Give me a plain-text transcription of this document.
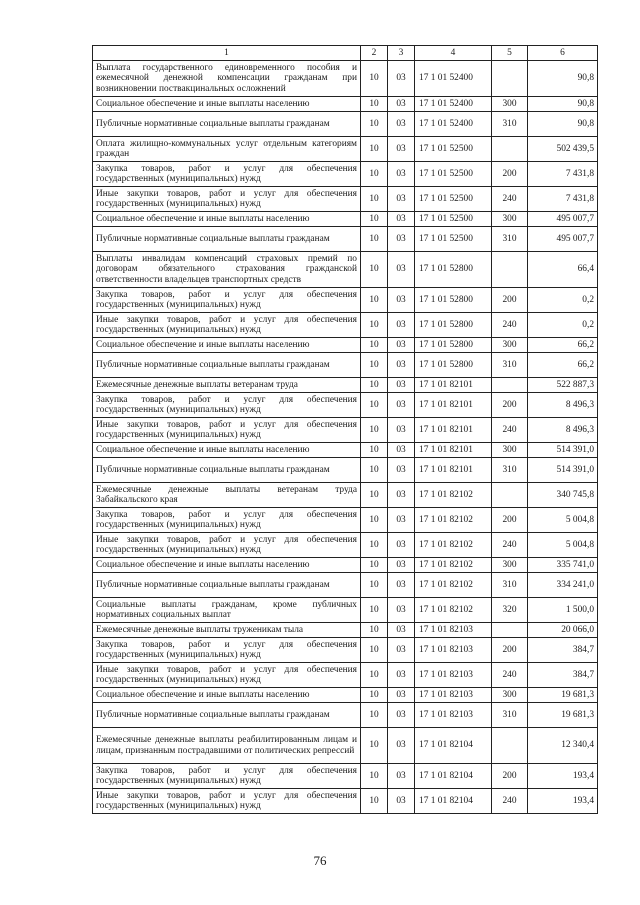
1	2	3	4	5	6
Выплата государственного единовременного пособия и ежемесячной денежной компенсации гражданам при возникновении поствакцинальных осложнений	10	03	17 1 01 52400		90,8
Социальное обеспечение и иные выплаты населению	10	03	17 1 01 52400	300	90,8
Публичные нормативные социальные выплаты гражданам	10	03	17 1 01 52400	310	90,8
Оплата жилищно-коммунальных услуг отдельным категориям граждан	10	03	17 1 01 52500		502 439,5
Закупка товаров, работ и услуг для обеспечения государственных (муниципальных) нужд	10	03	17 1 01 52500	200	7 431,8
Иные закупки товаров, работ и услуг для обеспечения государственных (муниципальных) нужд	10	03	17 1 01 52500	240	7 431,8
Социальное обеспечение и иные выплаты населению	10	03	17 1 01 52500	300	495 007,7
Публичные нормативные социальные выплаты гражданам	10	03	17 1 01 52500	310	495 007,7
Выплаты инвалидам компенсаций страховых премий по договорам обязательного страхования гражданской ответственности владельцев транспортных средств	10	03	17 1 01 52800		66,4
Закупка товаров, работ и услуг для обеспечения государственных (муниципальных) нужд	10	03	17 1 01 52800	200	0,2
Иные закупки товаров, работ и услуг для обеспечения государственных (муниципальных) нужд	10	03	17 1 01 52800	240	0,2
Социальное обеспечение и иные выплаты населению	10	03	17 1 01 52800	300	66,2
Публичные нормативные социальные выплаты гражданам	10	03	17 1 01 52800	310	66,2
Ежемесячные денежные выплаты ветеранам труда	10	03	17 1 01 82101		522 887,3
Закупка товаров, работ и услуг для обеспечения государственных (муниципальных) нужд	10	03	17 1 01 82101	200	8 496,3
Иные закупки товаров, работ и услуг для обеспечения государственных (муниципальных) нужд	10	03	17 1 01 82101	240	8 496,3
Социальное обеспечение и иные выплаты населению	10	03	17 1 01 82101	300	514 391,0
Публичные нормативные социальные выплаты гражданам	10	03	17 1 01 82101	310	514 391,0
Ежемесячные денежные выплаты ветеранам труда Забайкальского края	10	03	17 1 01 82102		340 745,8
Закупка товаров, работ и услуг для обеспечения государственных (муниципальных) нужд	10	03	17 1 01 82102	200	5 004,8
Иные закупки товаров, работ и услуг для обеспечения государственных (муниципальных) нужд	10	03	17 1 01 82102	240	5 004,8
Социальное обеспечение и иные выплаты населению	10	03	17 1 01 82102	300	335 741,0
Публичные нормативные социальные выплаты гражданам	10	03	17 1 01 82102	310	334 241,0
Социальные выплаты гражданам, кроме публичных нормативных социальных выплат	10	03	17 1 01 82102	320	1 500,0
Ежемесячные денежные выплаты труженикам тыла	10	03	17 1 01 82103		20 066,0
Закупка товаров, работ и услуг для обеспечения государственных (муниципальных) нужд	10	03	17 1 01 82103	200	384,7
Иные закупки товаров, работ и услуг для обеспечения государственных (муниципальных) нужд	10	03	17 1 01 82103	240	384,7
Социальное обеспечение и иные выплаты населению	10	03	17 1 01 82103	300	19 681,3
Публичные нормативные социальные выплаты гражданам	10	03	17 1 01 82103	310	19 681,3
Ежемесячные денежные выплаты реабилитированным лицам и лицам, признанным пострадавшими от политических репрессий	10	03	17 1 01 82104		12 340,4
Закупка товаров, работ и услуг для обеспечения государственных (муниципальных) нужд	10	03	17 1 01 82104	200	193,4
Иные закупки товаров, работ и услуг для обеспечения государственных (муниципальных) нужд	10	03	17 1 01 82104	240	193,4
76
